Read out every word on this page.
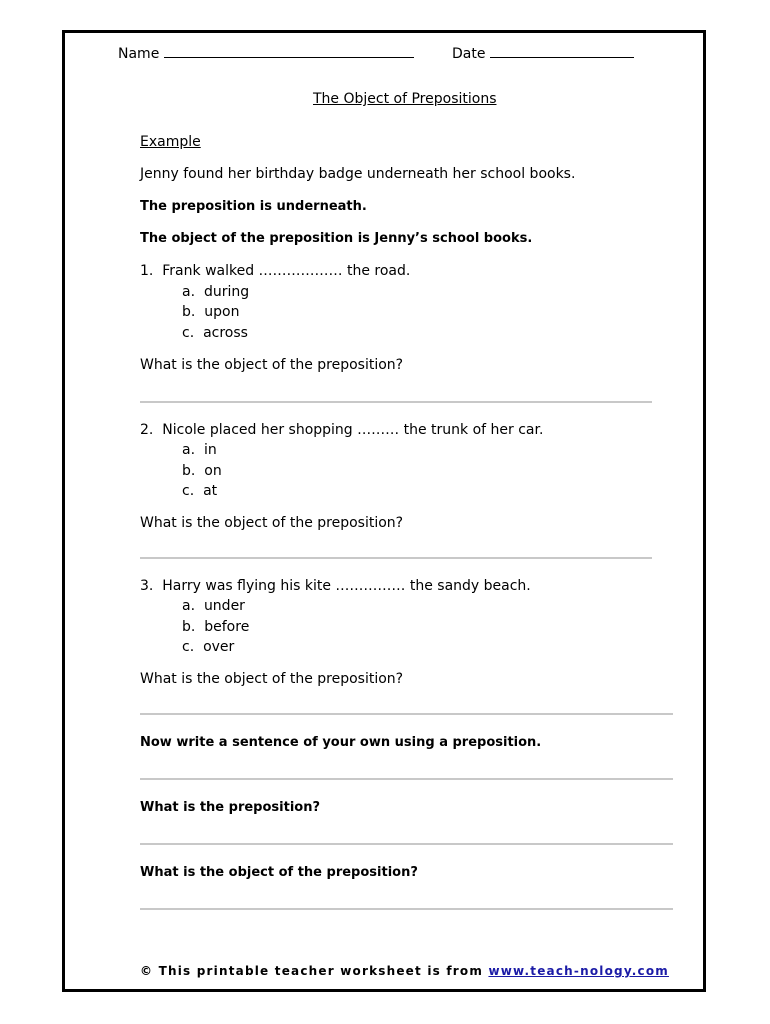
Name	Date
The Object of Prepositions
Example
Jenny found her birthday badge underneath her school books.
The preposition is underneath.
The object of the preposition is Jenny’s school books.
1. Frank walked ……………… the road.
a. during
b. upon
c. across
What is the object of the preposition?
2. Nicole placed her shopping ……… the trunk of her car.
a. in
b. on
c. at
What is the object of the preposition?
3. Harry was flying his kite …………… the sandy beach.
a. under
b. before
c. over
What is the object of the preposition?
Now write a sentence of your own using a preposition.
What is the preposition?
What is the object of the preposition?
© This printable teacher worksheet is from www.teach-nology.com
